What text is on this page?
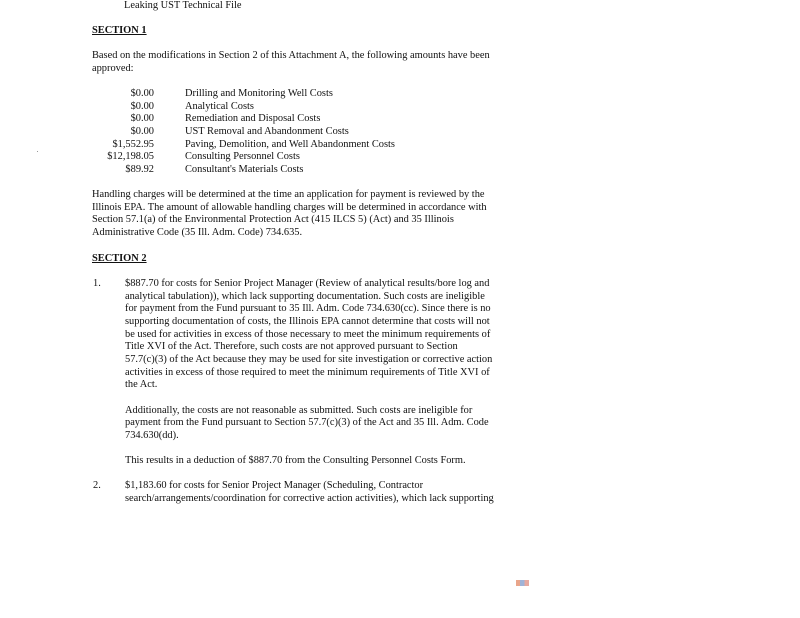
Leaking UST Technical File
SECTION 1
Based on the modifications in Section 2 of this Attachment A, the following amounts have been
approved:
$0.00	Drilling and Monitoring Well Costs
$0.00	Analytical Costs
$0.00	Remediation and Disposal Costs
$0.00	UST Removal and Abandonment Costs
$1,552.95	Paving, Demolition, and Well Abandonment Costs
$12,198.05	Consulting Personnel Costs
$89.92	Consultant's Materials Costs
Handling charges will be determined at the time an application for payment is reviewed by the
Illinois EPA. The amount of allowable handling charges will be determined in accordance with
Section 57.1(a) of the Environmental Protection Act (415 ILCS 5) (Act) and 35 Illinois
Administrative Code (35 Ill. Adm. Code) 734.635.
SECTION 2
1. $887.70 for costs for Senior Project Manager (Review of analytical results/bore log and
analytical tabulation)), which lack supporting documentation. Such costs are ineligible
for payment from the Fund pursuant to 35 Ill. Adm. Code 734.630(cc). Since there is no
supporting documentation of costs, the Illinois EPA cannot determine that costs will not
be used for activities in excess of those necessary to meet the minimum requirements of
Title XVI of the Act. Therefore, such costs are not approved pursuant to Section
57.7(c)(3) of the Act because they may be used for site investigation or corrective action
activities in excess of those required to meet the minimum requirements of Title XVI of
the Act.
Additionally, the costs are not reasonable as submitted. Such costs are ineligible for
payment from the Fund pursuant to Section 57.7(c)(3) of the Act and 35 Ill. Adm. Code
734.630(dd).
This results in a deduction of $887.70 from the Consulting Personnel Costs Form.
2. $1,183.60 for costs for Senior Project Manager (Scheduling, Contractor
search/arrangements/coordination for corrective action activities), which lack supporting
